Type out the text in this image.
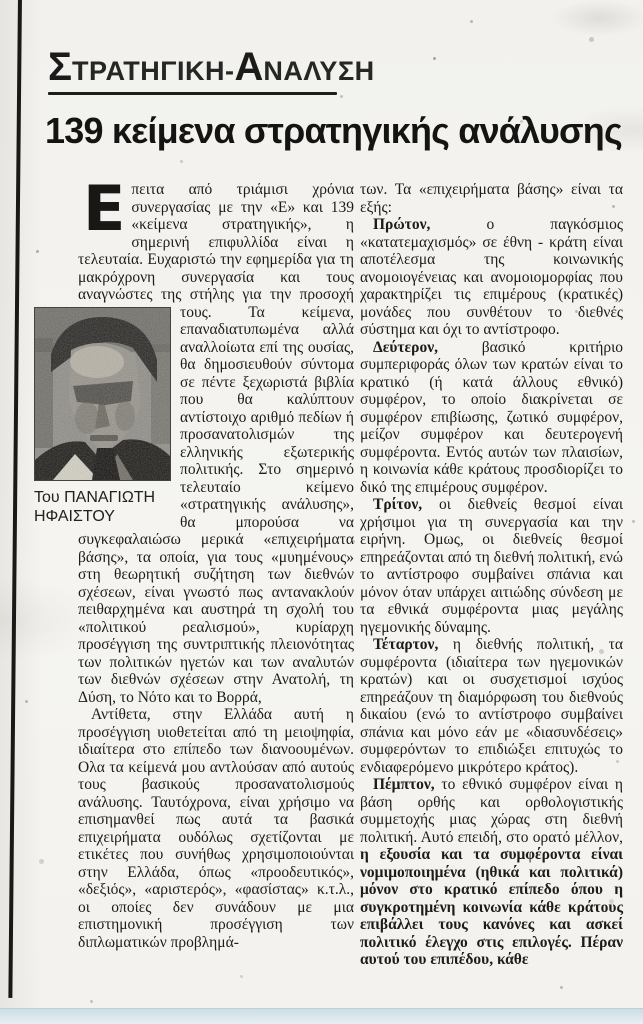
ΣΤΡΑΤΗΓΙΚΗ-ΑΝΑΛΥΣΗ
139 κείμενα στρατηγικής ανάλυσης

Ε πειτα από τριάμισι χρόνια συνεργασίας με την «Ε» και 139 «κείμενα στρατηγικής», η σημερινή επιφυλλίδα είναι η τελευταία. Ευχαριστώ την εφημερίδα για τη μακρόχρονη συνεργασία και τους αναγνώστες της στήλης για την προσοχή
Του ΠΑΝΑΓΙΩΤΗ
ΗΦΑΙΣΤΟΥ
τους. Τα κείμενα, επαναδιατυπωμένα αλλά αναλλοίωτα επί της ουσίας, θα δημοσιευθούν σύντομα σε πέντε ξεχωριστά βιβλία που θα καλύπτουν αντίστοιχο αριθμό πεδίων ή προσανατολισμών της ελληνικής εξωτερικής πολιτικής. Στο σημερινό τελευταίο κείμενο «στρατηγικής ανάλυσης», θα μπορούσα να συγκεφαλαιώσω μερικά «επιχειρήματα βάσης», τα οποία, για τους «μυημένους» στη θεωρητική συζήτηση των διεθνών σχέσεων, είναι γνωστό πως αντανακλούν πειθαρχημένα και αυστηρά τη σχολή του «πολιτικού ρεαλισμού», κυρίαρχη προσέγγιση της συντριπτικής πλειονότητας των πολιτικών ηγετών και των αναλυτών των διεθνών σχέσεων στην Ανατολή, τη Δύση, το Νότο και το Βορρά,

Αντίθετα, στην Ελλάδα αυτή η προσέγγιση υιοθετείται από τη μειοψηφία, ιδιαίτερα στο επίπεδο των διανοουμένων. Ολα τα κείμενά μου αντλούσαν από αυτούς τους βασικούς προσανατολισμούς ανάλυσης. Ταυτόχρονα, είναι χρήσιμο να επισημανθεί πως αυτά τα βασικά επιχειρήματα ουδόλως σχετίζονται με ετικέτες που συνήθως χρησιμοποιούνται στην Ελλάδα, όπως «προοδευτικός», «δεξιός», «αριστερός», «φασίστας» κ.τ.λ., οι οποίες δεν συνάδουν με μια επιστημονική προσέγγιση των διπλωματικών προβλημά-

των. Τα «επιχειρήματα βάσης» είναι τα εξής:

Πρώτον, ο παγκόσμιος «κατατεμαχισμός» σε έθνη - κράτη είναι αποτέλεσμα της κοινωνικής ανομοιογένειας και ανομοιομορφίας που χαρακτηρίζει τις επιμέρους (κρατικές) μονάδες που συνθέτουν το διεθνές σύστημα και όχι το αντίστροφο.

Δεύτερον, βασικό κριτήριο συμπεριφοράς όλων των κρατών είναι το κρατικό (ή κατά άλλους εθνικό) συμφέρον, το οποίο διακρίνεται σε συμφέρον επιβίωσης, ζωτικό συμφέρον, μείζον συμφέρον και δευτερογενή συμφέροντα. Εντός αυτών των πλαισίων, η κοινωνία κάθε κράτους προσδιορίζει το δικό της επιμέρους συμφέρον.

Τρίτον, οι διεθνείς θεσμοί είναι χρήσιμοι για τη συνεργασία και την ειρήνη. Ομως, οι διεθνείς θεσμοί επηρεάζονται από τη διεθνή πολιτική, ενώ το αντίστροφο συμβαίνει σπάνια και μόνον όταν υπάρχει αιτιώδης σύνδεση με τα εθνικά συμφέροντα μιας μεγάλης ηγεμονικής δύναμης.

Τέταρτον, η διεθνής πολιτική, τα συμφέροντα (ιδιαίτερα των ηγεμονικών κρατών) και οι συσχετισμοί ισχύος επηρεάζουν τη διαμόρφωση του διεθνούς δικαίου (ενώ το αντίστροφο συμβαίνει σπάνια και μόνο εάν με «διασυνδέσεις» συμφερόντων το επιδιώξει επιτυχώς το ενδιαφερόμενο μικρότερο κράτος).

Πέμπτον, το εθνικό συμφέρον είναι η βάση ορθής και ορθολογιστικής συμμετοχής μιας χώρας στη διεθνή πολιτική. Αυτό επειδή, στο ορατό μέλλον, η εξουσία και τα συμφέροντα είναι νομιμοποιημένα (ηθικά και πολιτικά) μόνον στο κρατικό επίπεδο όπου η συγκροτημένη κοινωνία κάθε κράτους επιβάλλει τους κανόνες και ασκεί πολιτικό έλεγχο στις επιλογές. Πέραν αυτού του επιπέδου, κάθε
